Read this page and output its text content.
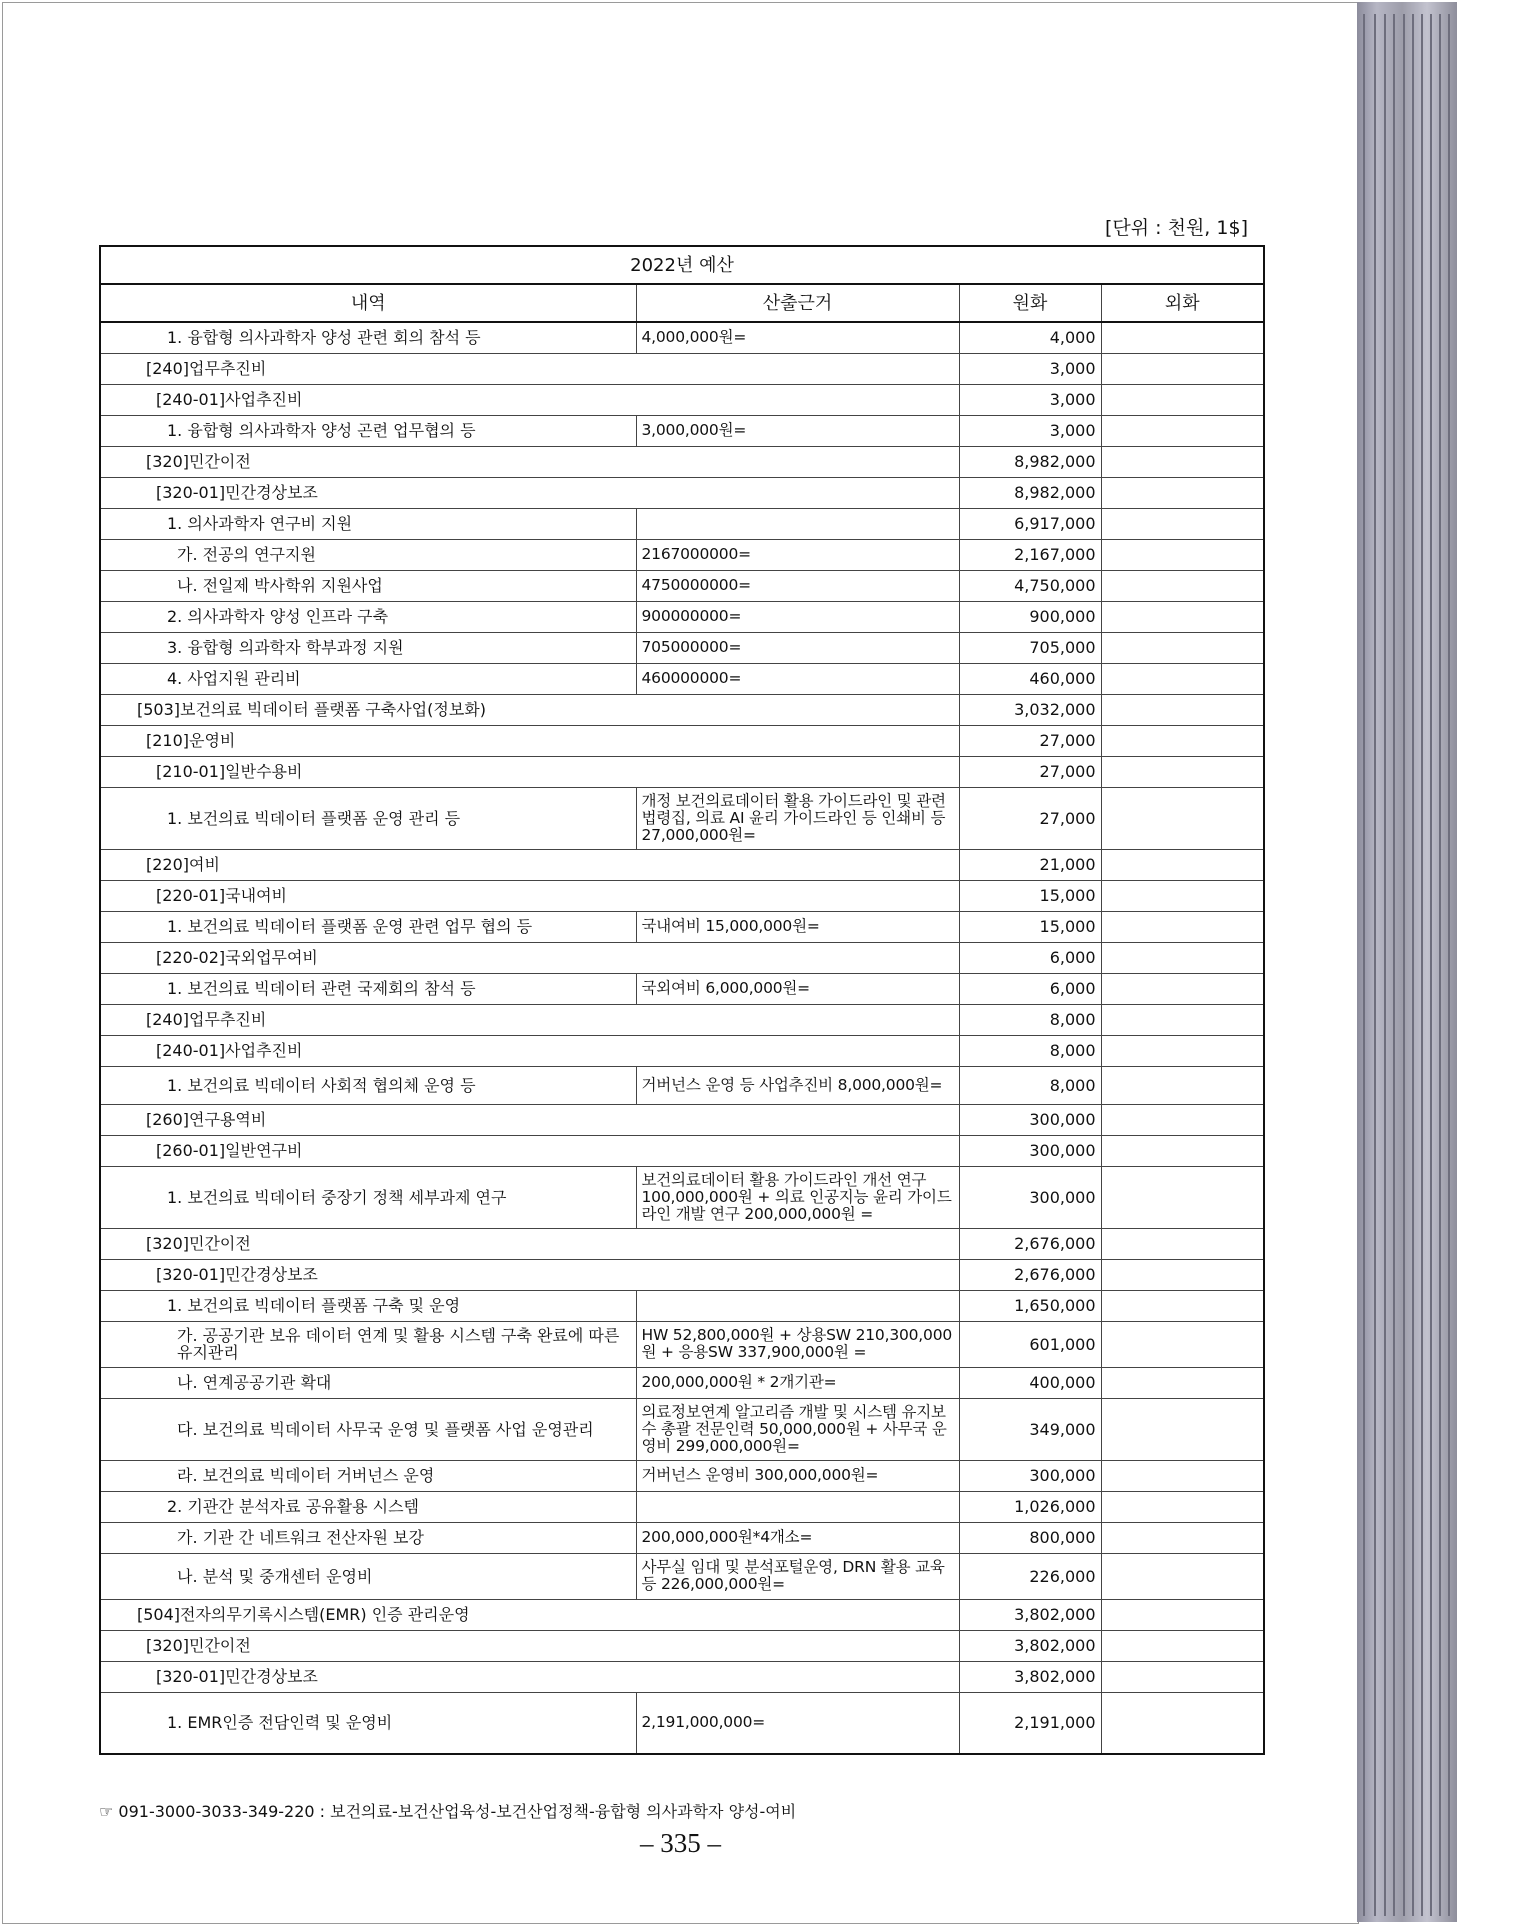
[단위 : 천원, 1$]
2022년 예산			
내역	산출근거	원화	외화
1. 융합형 의사과학자 양성 관련 회의 참석 등	4,000,000원=	4,000	
[240]업무추진비		3,000	
[240-01]사업추진비		3,000	
1. 융합형 의사과학자 양성 곤련 업무협의 등	3,000,000원=	3,000	
[320]민간이전		8,982,000	
[320-01]민간경상보조		8,982,000	
1. 의사과학자 연구비 지원		6,917,000	
가. 전공의 연구지원	2167000000=	2,167,000	
나. 전일제 박사학위 지원사업	4750000000=	4,750,000	
2. 의사과학자 양성 인프라 구축	900000000=	900,000	
3. 융합형 의과학자 학부과정 지원	705000000=	705,000	
4. 사업지원 관리비	460000000=	460,000	
[503]보건의료 빅데이터 플랫폼 구축사업(정보화)		3,032,000	
[210]운영비		27,000	
[210-01]일반수용비		27,000	
1. 보건의료 빅데이터 플랫폼 운영 관리 등	개정 보건의료데이터 활용 가이드라인 및 관련 법령집, 의료 AI 윤리 가이드라인 등 인쇄비 등 27,000,000원=	27,000	
[220]여비		21,000	
[220-01]국내여비		15,000	
1. 보건의료 빅데이터 플랫폼 운영 관련 업무 협의 등	국내여비 15,000,000원=	15,000	
[220-02]국외업무여비		6,000	
1. 보건의료 빅데이터 관련 국제회의 참석 등	국외여비 6,000,000원=	6,000	
[240]업무추진비		8,000	
[240-01]사업추진비		8,000	
1. 보건의료 빅데이터 사회적 협의체 운영 등	거버넌스 운영 등 사업추진비 8,000,000원=	8,000	
[260]연구용역비		300,000	
[260-01]일반연구비		300,000	
1. 보건의료 빅데이터 중장기 정책 세부과제 연구	보건의료데이터 활용 가이드라인 개선 연구 100,000,000원 + 의료 인공지능 윤리 가이드라인 개발 연구 200,000,000원 =	300,000	
[320]민간이전		2,676,000	
[320-01]민간경상보조		2,676,000	
1. 보건의료 빅데이터 플랫폼 구축 및 운영		1,650,000	
가. 공공기관 보유 데이터 연계 및 활용 시스템 구축 완료에 따른 유지관리	HW 52,800,000원 + 상용SW 210,300,000원 + 응용SW 337,900,000원 =	601,000	
나. 연계공공기관 확대	200,000,000원 * 2개기관=	400,000	
다. 보건의료 빅데이터 사무국 운영 및 플랫폼 사업 운영관리	의료정보연계 알고리즘 개발 및 시스템 유지보수 총괄 전문인력 50,000,000원 + 사무국 운영비 299,000,000원=	349,000	
라. 보건의료 빅데이터 거버넌스 운영	거버넌스 운영비 300,000,000원=	300,000	
2. 기관간 분석자료 공유활용 시스템		1,026,000	
가. 기관 간 네트워크 전산자원 보강	200,000,000원*4개소=	800,000	
나. 분석 및 중개센터 운영비	사무실 임대 및 분석포털운영, DRN 활용 교육 등 226,000,000원=	226,000	
[504]전자의무기록시스템(EMR) 인증 관리운영		3,802,000	
[320]민간이전		3,802,000	
[320-01]민간경상보조		3,802,000	
1. EMR인증 전담인력 및 운영비	2,191,000,000=	2,191,000	
☞ 091-3000-3033-349-220 : 보건의료-보건산업육성-보건산업정책-융합형 의사과학자 양성-여비
– 335 –
